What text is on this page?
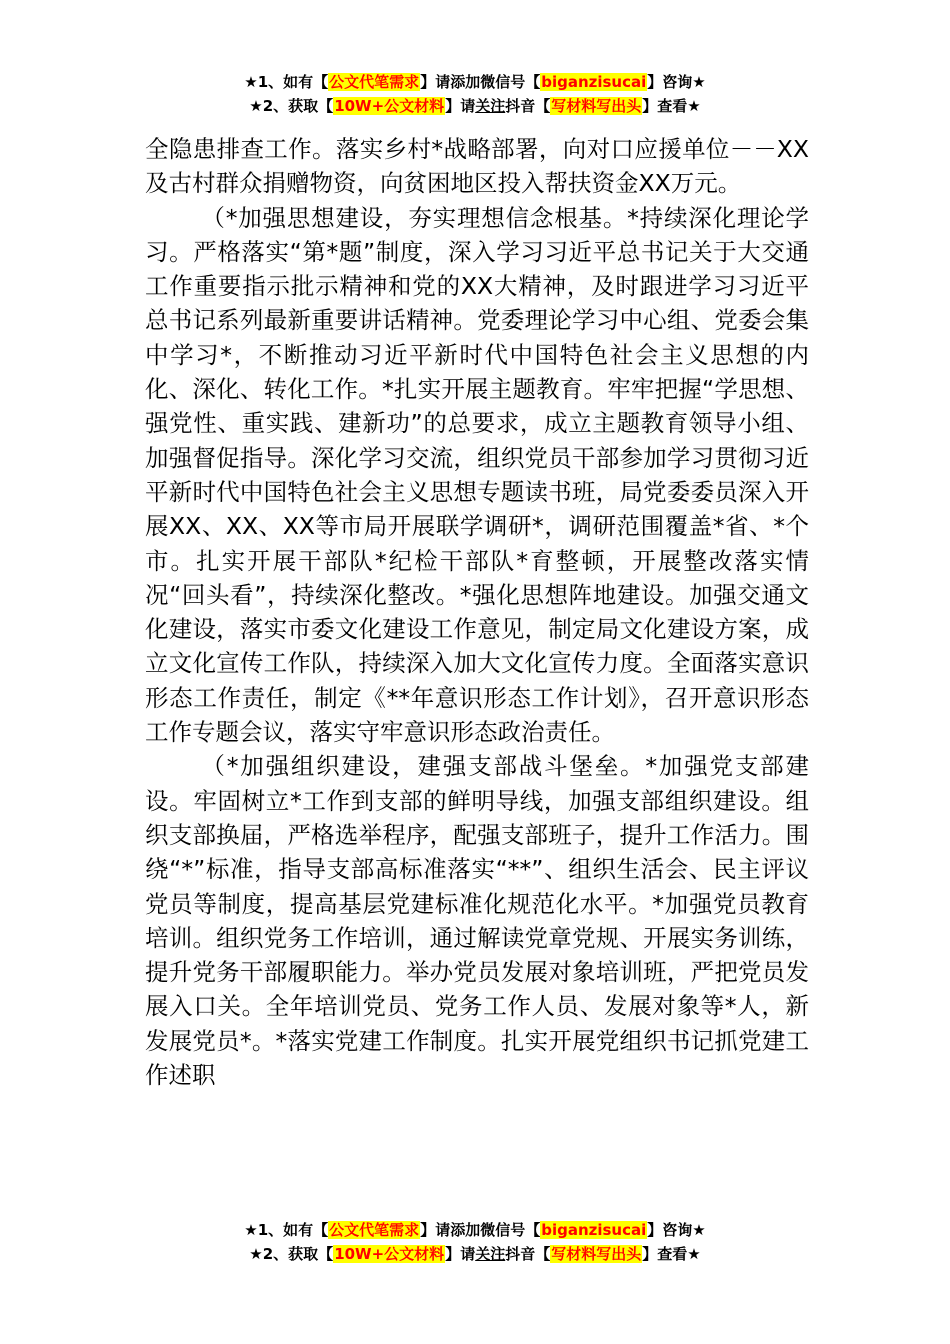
★1、如有【公文代笔需求】请添加微信号【biganzisucai】咨询★
★2、获取【10W+公文材料】请关注抖音【写材料写出头】查看★

全隐患排查工作。落实乡村*战略部署，向对口应援单位－－XX及古村群众捐赠物资，向贫困地区投入帮扶资金XX万元。

（*加强思想建设，夯实理想信念根基。*持续深化理论学习。严格落实“第*题”制度，深入学习习近平总书记关于大交通工作重要指示批示精神和党的XX大精神，及时跟进学习习近平总书记系列最新重要讲话精神。党委理论学习中心组、党委会集中学习*，不断推动习近平新时代中国特色社会主义思想的内化、深化、转化工作。*扎实开展主题教育。牢牢把握“学思想、强党性、重实践、建新功”的总要求，成立主题教育领导小组、加强督促指导。深化学习交流，组织党员干部参加学习贯彻习近平新时代中国特色社会主义思想专题读书班，局党委委员深入开展XX、XX、XX等市局开展联学调研*，调研范围覆盖*省、*个市。扎实开展干部队*纪检干部队*育整顿，开展整改落实情况“回头看”，持续深化整改。*强化思想阵地建设。加强交通文化建设，落实市委文化建设工作意见，制定局文化建设方案，成立文化宣传工作队，持续深入加大文化宣传力度。全面落实意识形态工作责任，制定《**年意识形态工作计划》，召开意识形态工作专题会议，落实守牢意识形态政治责任。

（*加强组织建设，建强支部战斗堡垒。*加强党支部建设。牢固树立*工作到支部的鲜明导线，加强支部组织建设。组织支部换届，严格选举程序，配强支部班子，提升工作活力。围绕“*”标准，指导支部高标准落实“**”、组织生活会、民主评议党员等制度，提高基层党建标准化规范化水平。*加强党员教育培训。组织党务工作培训，通过解读党章党规、开展实务训练，提升党务干部履职能力。举办党员发展对象培训班，严把党员发展入口关。全年培训党员、党务工作人员、发展对象等*人，新发展党员*。*落实党建工作制度。扎实开展党组织书记抓党建工作述职

★1、如有【公文代笔需求】请添加微信号【biganzisucai】咨询★
★2、获取【10W+公文材料】请关注抖音【写材料写出头】查看★
